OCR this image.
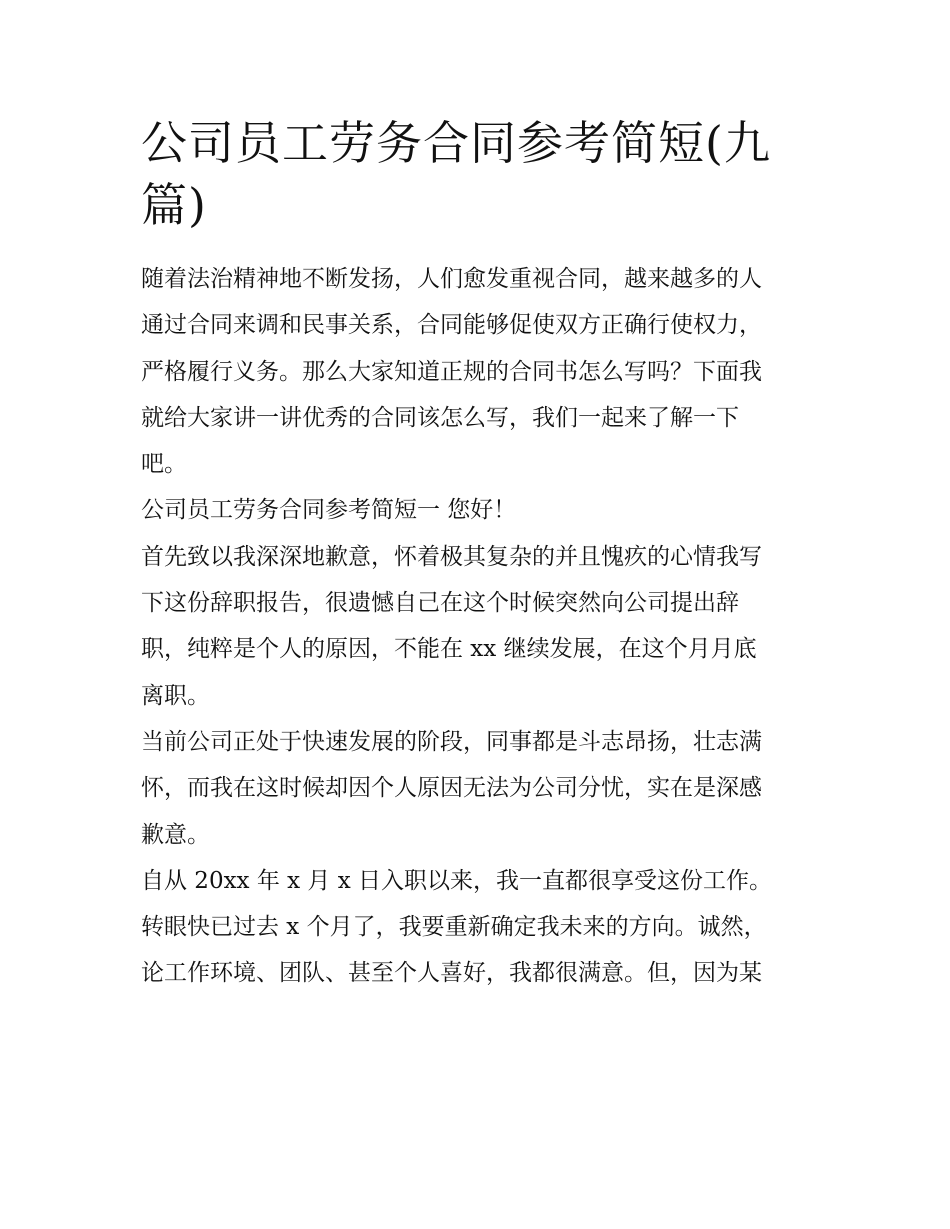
公司员工劳务合同参考简短(九
篇)

随着法治精神地不断发扬，人们愈发重视合同，越来越多的人
通过合同来调和民事关系，合同能够促使双方正确行使权力，
严格履行义务。那么大家知道正规的合同书怎么写吗？下面我
就给大家讲一讲优秀的合同该怎么写，我们一起来了解一下
吧。

公司员工劳务合同参考简短一 您好！

首先致以我深深地歉意，怀着极其复杂的并且愧疚的心情我写
下这份辞职报告，很遗憾自己在这个时候突然向公司提出辞
职，纯粹是个人的原因，不能在 xx 继续发展，在这个月月底
离职。

当前公司正处于快速发展的阶段，同事都是斗志昂扬，壮志满
怀，而我在这时候却因个人原因无法为公司分忧，实在是深感
歉意。

自从 20xx 年 x 月 x 日入职以来，我一直都很享受这份工作。
转眼快已过去 x 个月了，我要重新确定我未来的方向。诚然，
论工作环境、团队、甚至个人喜好，我都很满意。但，因为某
